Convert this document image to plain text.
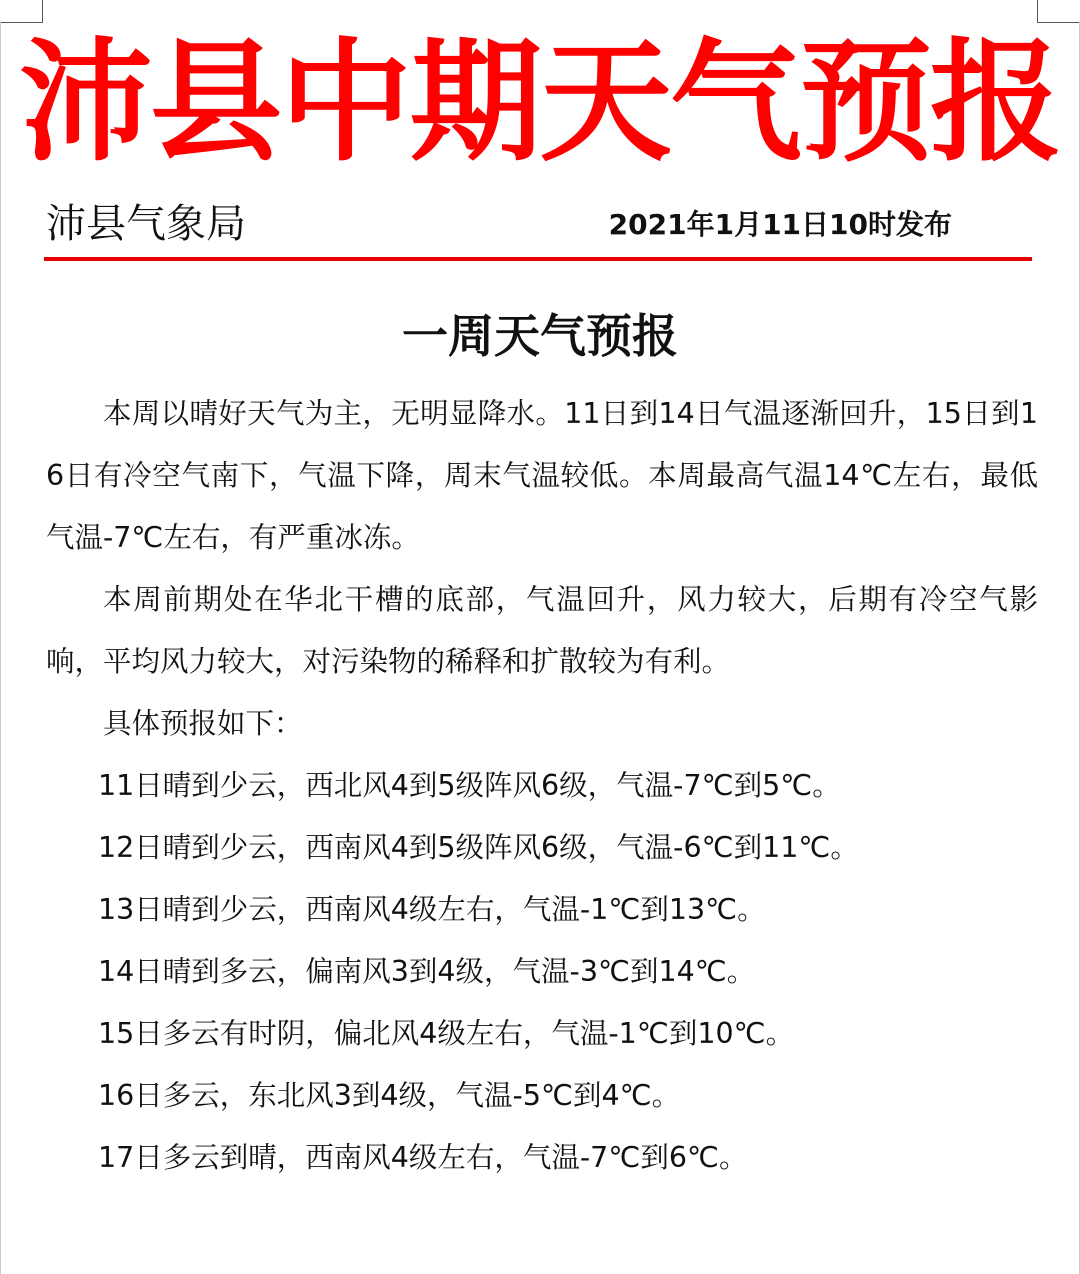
沛县中期天气预报
沛县气象局	2021年1月11日10时发布
一周天气预报

本周以晴好天气为主，无明显降水。11日到14日气温逐渐回升，15日到16日有冷空气南下，气温下降，周末气温较低。本周最高气温14℃左右，最低气温-7℃左右，有严重冰冻。

本周前期处在华北干槽的底部，气温回升，风力较大，后期有冷空气影响，平均风力较大，对污染物的稀释和扩散较为有利。

具体预报如下：

11日晴到少云，西北风4到5级阵风6级，气温-7℃到5℃。

12日晴到少云，西南风4到5级阵风6级，气温-6℃到11℃。

13日晴到少云，西南风4级左右，气温-1℃到13℃。

14日晴到多云，偏南风3到4级，气温-3℃到14℃。

15日多云有时阴，偏北风4级左右，气温-1℃到10℃。

16日多云，东北风3到4级，气温-5℃到4℃。

17日多云到晴，西南风4级左右，气温-7℃到6℃。
